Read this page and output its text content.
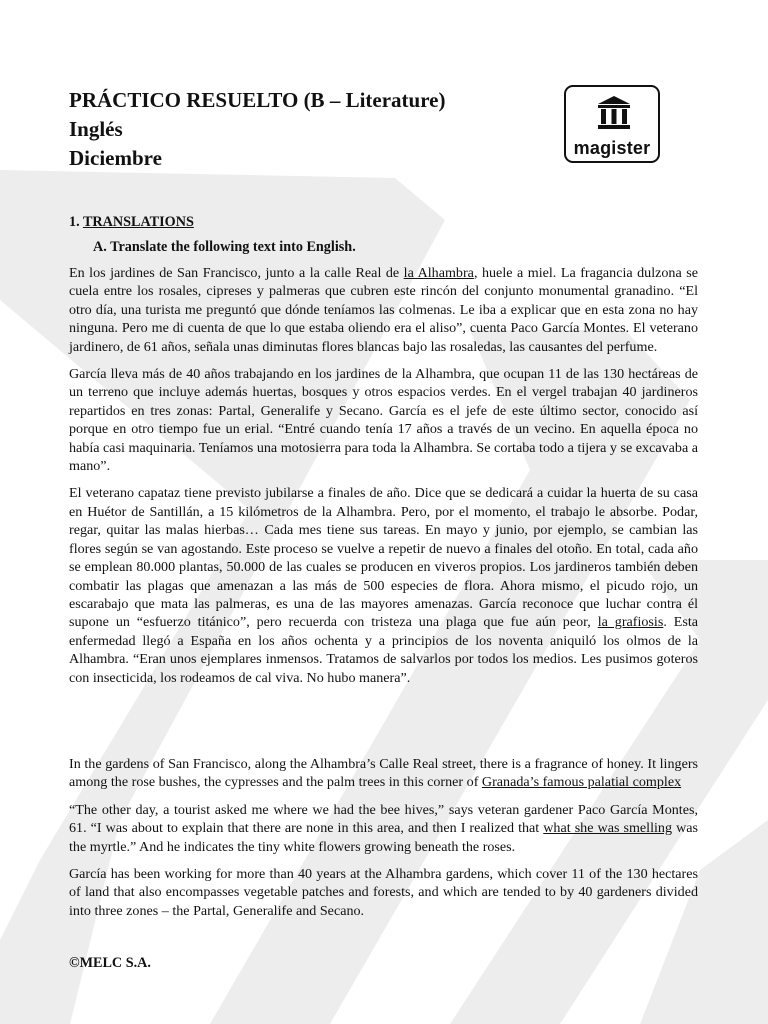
PRÁCTICO RESUELTO (B – Literature)
Inglés
Diciembre	magister
1. TRANSLATIONS
A. Translate the following text into English.

En los jardines de San Francisco, junto a la calle Real de la Alhambra, huele a miel. La fragancia dulzona se cuela entre los rosales, cipreses y palmeras que cubren este rincón del conjunto monumental granadino. “El otro día, una turista me preguntó que dónde teníamos las colmenas. Le iba a explicar que en esta zona no hay ninguna. Pero me di cuenta de que lo que estaba oliendo era el aliso”, cuenta Paco García Montes. El veterano jardinero, de 61 años, señala unas diminutas flores blancas bajo las rosaledas, las causantes del perfume.

García lleva más de 40 años trabajando en los jardines de la Alhambra, que ocupan 11 de las 130 hectáreas de un terreno que incluye además huertas, bosques y otros espacios verdes. En el vergel trabajan 40 jardineros repartidos en tres zonas: Partal, Generalife y Secano. García es el jefe de este último sector, conocido así porque en otro tiempo fue un erial. “Entré cuando tenía 17 años a través de un vecino. En aquella época no había casi maquinaria. Teníamos una motosierra para toda la Alhambra. Se cortaba todo a tijera y se excavaba a mano”.

El veterano capataz tiene previsto jubilarse a finales de año. Dice que se dedicará a cuidar la huerta de su casa en Huétor de Santillán, a 15 kilómetros de la Alhambra. Pero, por el momento, el trabajo le absorbe. Podar, regar, quitar las malas hierbas… Cada mes tiene sus tareas. En mayo y junio, por ejemplo, se cambian las flores según se van agostando. Este proceso se vuelve a repetir de nuevo a finales del otoño. En total, cada año se emplean 80.000 plantas, 50.000 de las cuales se producen en viveros propios. Los jardineros también deben combatir las plagas que amenazan a las más de 500 especies de flora. Ahora mismo, el picudo rojo, un escarabajo que mata las palmeras, es una de las mayores amenazas. García reconoce que luchar contra él supone un “esfuerzo titánico”, pero recuerda con tristeza una plaga que fue aún peor, la grafiosis. Esta enfermedad llegó a España en los años ochenta y a principios de los noventa aniquiló los olmos de la Alhambra. “Eran unos ejemplares inmensos. Tratamos de salvarlos por todos los medios. Les pusimos goteros con insecticida, los rodeamos de cal viva. No hubo manera”.

In the gardens of San Francisco, along the Alhambra’s Calle Real street, there is a fragrance of honey. It lingers among the rose bushes, the cypresses and the palm trees in this corner of Granada’s famous palatial complex

“The other day, a tourist asked me where we had the bee hives,” says veteran gardener Paco García Montes, 61. “I was about to explain that there are none in this area, and then I realized that what she was smelling was the myrtle.” And he indicates the tiny white flowers growing beneath the roses.

García has been working for more than 40 years at the Alhambra gardens, which cover 11 of the 130 hectares of land that also encompasses vegetable patches and forests, and which are tended to by 40 gardeners divided into three zones – the Partal, Generalife and Secano.

©MELC S.A.
